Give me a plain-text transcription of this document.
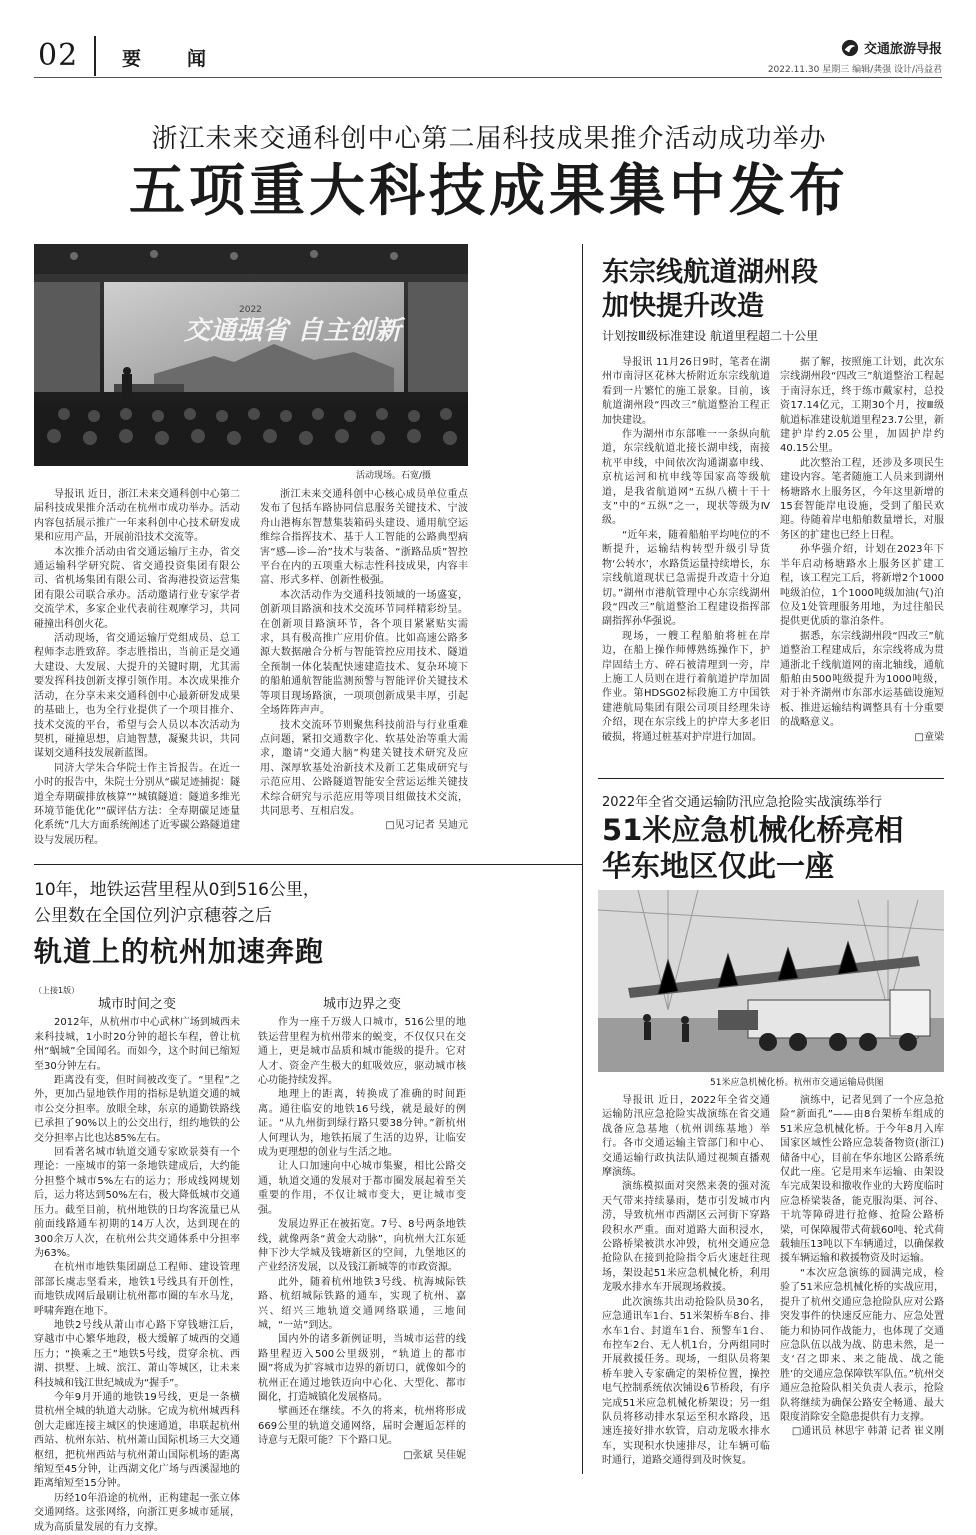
02 要闻	交通旅游导报
2022.11.30 星期三 编辑/龚强 设计/冯益君
浙江未来交通科创中心第二届科技成果推介活动成功举办
五项重大科技成果集中发布
2022
交通强省 自主创新
活动现场。石宽/摄

导报讯 近日，浙江未来交通科创中心第二届科技成果推介活动在杭州市成功举办。活动内容包括展示推广一年来科创中心技术研发成果和应用产品，开展前沿技术交流等。

本次推介活动由省交通运输厅主办，省交通运输科学研究院、省交通投资集团有限公司、省机场集团有限公司、省海港投资运营集团有限公司联合承办。活动邀请行业专家学者交流学术，多家企业代表前往观摩学习，共同碰撞出科创火花。

活动现场，省交通运输厅党组成员、总工程师李志胜致辞。李志胜指出，当前正是交通大建设、大发展、大提升的关键时期，尤其需要发挥科技创新支撑引领作用。本次成果推介活动，在分享未来交通科创中心最新研发成果的基础上，也为全行业提供了一个项目推介、技术交流的平台，希望与会人员以本次活动为契机，碰撞思想，启迪智慧，凝聚共识，共同谋划交通科技发展新蓝图。

同济大学朱合华院士作主旨报告。在近一小时的报告中，朱院士分别从“碳足迹捕捉：隧道全寿期碳排放核算”“城镇隧道：隧道多维光环境节能优化”“碳评估方法：全寿期碳足迹量化系统”几大方面系统阐述了近零碳公路隧道建设与发展历程。

浙江未来交通科创中心核心成员单位重点发布了包括车路协同信息服务关键技术、宁波舟山港梅东智慧集装箱码头建设、通用航空运维综合指挥技术、基于人工智能的公路典型病害“感—诊—治”技术与装备、“浙路品质”智控平台在内的五项重大标志性科技成果，内容丰富、形式多样、创新性极强。

本次活动作为交通科技领域的一场盛宴，创新项目路演和技术交流环节同样精彩纷呈。在创新项目路演环节，各个项目紧紧贴实需求，具有极高推广应用价值。比如高速公路多源大数据融合分析与智能管控应用技术、隧道全预制一体化装配快速建造技术、复杂环境下的船舶通航智能监测预警与智能评价关键技术等项目现场路演，一项项创新成果丰厚，引起全场阵阵声声。

技术交流环节则聚焦科技前沿与行业重难点问题，紧扣交通数字化、软基处治等重大需求，邀请“交通大脑”构建关键技术研究及应用、深厚软基处治新技术及新工艺集成研究与示范应用、公路隧道智能安全营运运维关键技术综合研究与示范应用等项目组做技术交流，共同思考、互相启发。

□见习记者 吴迪元

东宗线航道湖州段
加快提升改造
计划按Ⅲ级标准建设 航道里程超二十公里

导报讯 11月26日9时，笔者在湖州市南浔区花林大桥附近东宗线航道看到一片繁忙的施工景象。目前，该航道湖州段“四改三”航道整治工程正加快建设。

作为湖州市东部唯一一条纵向航道，东宗线航道北接长湖申线，南接杭平申线，中间依次沟通湖嘉申线、京杭运河和杭申线等国家高等级航道，是我省航道网“五纵八横十干十支”中的“五纵”之一，现状等级为Ⅳ级。

“近年来，随着船舶平均吨位的不断提升，运输结构转型升级引导货物‘公转水’，水路货运量持续增长，东宗线航道现状已急需提升改造十分迫切。”湖州市港航管理中心东宗线湖州段“四改三”航道整治工程建设指挥部副指挥孙华强说。

现场，一艘工程船舶将桩在岸边，在船上操作师傅熟练操作下，护岸固结土方、碎石被清理到一旁，岸上施工人员则在进行着航道护岸加固作业。第HDSG02标段施工方中国铁建港航局集团有限公司项目经理朱诗介绍，现在东宗线上的护岸大多老旧破损，将通过桩基对护岸进行加固。

据了解，按照施工计划，此次东宗线湖州段“四改三”航道整治工程起于南浔东迁，终于练市戴家村，总投资17.14亿元，工期30个月，按Ⅲ级航道标准建设航道里程23.7公里，新建护岸约2.05公里，加固护岸约40.15公里。

此次整治工程，还涉及多项民生建设内容。笔者随施工人员来到湖州杨塘路水上服务区，今年这里新增的15套智能岸电设施，受到了船民欢迎。待随着岸电船舶数量增长，对服务区的扩建也已经上日程。

孙华强介绍，计划在2023年下半年启动杨塘路水上服务区扩建工程，该工程完工后，将新增2个1000吨级泊位，1个1000吨级加油(气)泊位及1处管理服务用地，为过往船民提供更优质的靠泊条件。

据悉，东宗线湖州段“四改三”航道整治工程建成后，东宗线将成为贯通浙北千线航道网的南北轴线，通航船舶由500吨级提升为1000吨级，对于补齐湖州市东部水运基础设施短板、推进运输结构调整具有十分重要的战略意义。

□童梁

2022年全省交通运输防汛应急抢险实战演练举行
51米应急机械化桥亮相
华东地区仅此一座
51米应急机械化桥。杭州市交通运输局供图

导报讯 近日，2022年全省交通运输防汛应急抢险实战演练在省交通战备应急基地（杭州训练基地）举行。各市交通运输主管部门和中心、交通运输行政执法队通过视频直播观摩演练。

演练模拟面对突然来袭的强对流天气带来持续暴雨，楚市引发城市内涝，导致杭州市西湖区云河街下穿路段积水严重。面对道路大面积浸水，公路桥梁被洪水冲毁，杭州交通应急抢险队在接到抢险指令后火速赶往现场，架设起51米应急机械化桥，利用龙吸水排水车开展现场救援。

此次演练共出动抢险队员30名，应急通讯车1台、51米架桥车8台、排水车1台、封道车1台、预警车1台、布控车2台、无人机1台，分两组同时开展救援任务。现场，一组队员将架桥车驶入专家确定的架桥位置，操控电气控制系统依次铺设6节桥段，有序完成51米应急机械化桥架设；另一组队员将移动排水泵运至积水路段，迅速连接好排水软管，启动龙吸水排水车，实现积水快速排尽，让车辆可临时通行，道路交通得到及时恢复。

演练中，记者见到了一个应急抢险“新面孔”——由8台架桥车组成的51米应急机械化桥。于今年8月入库国家区域性公路应急装备物资(浙江)储备中心，目前在华东地区公路系统仅此一座。它是用来车运输、由架设车完成架设和撤收作业的大跨度临时应急桥梁装备，能克服沟渠、河谷、干坑等障碍进行抢修、抢险公路桥梁，可保障履带式荷载60吨、轮式荷载轴压13吨以下车辆通过，以确保救援车辆运输和救援物资及时运输。

“本次应急演练的圆满完成，检验了51米应急机械化桥的实战应用，提升了杭州交通应急抢险队应对公路突发事件的快速反应能力、应急处置能力和协同作战能力，也体现了交通应急队伍以战为战、防患未然，是一支‘召之即来、来之能战、战之能胜’的交通应急保障铁军队伍。”杭州交通应急抢险队相关负责人表示，抢险队将继续为确保公路安全畅通、最大限度消除安全隐患提供有力支撑。

□通讯员 林思宇 韩萧 记者 崔义刚

10年，地铁运营里程从0到516公里，
公里数在全国位列沪京穗蓉之后
轨道上的杭州加速奔跑
（上接1版）

城市时间之变

2012年，从杭州市中心武林广场到城西未来科技城，1小时20分钟的超长车程，曾让杭州“蜗城”全国闻名。而如今，这个时间已缩短至30分钟左右。

距离没有变，但时间被改变了。“里程”之外，更加凸显地铁作用的指标是轨道交通的城市公交分担率。放眼全球，东京的通勤铁路线已承担了90%以上的公交出行，纽约地铁的公交分担率占比也达85%左右。

回看著名城市轨道交通专家欧景葵有一个理论：一座城市的第一条地铁建成后，大约能分担整个城市5%左右的运力；形成线网规划后，运力将达到50%左右，极大降低城市交通压力。截至目前，杭州地铁的日均客流量已从前面线路通车初期的14万人次，达到现在的300余万人次，在杭州公共交通体系中分担率为63%。

在杭州市地铁集团副总工程师、建设管理部部长虞志坚看来，地铁1号线具有开创性，而地铁成网后最刷让杭州都市圈的车水马龙，呼啸奔跑在地下。

地铁2号线从萧山市心路下穿钱塘江后，穿越市中心繁华地段，极大缓解了城西的交通压力；“换乘之王”地铁5号线，贯穿余杭、西湖、拱墅、上城、滨江、萧山等城区，让未来科技城和钱江世纪城成为“握手”。

今年9月开通的地铁19号线，更是一条横贯杭州全城的轨道大动脉。它成为杭州城西科创大走廊连接主城区的快速通道，串联起杭州西站、杭州东站、杭州萧山国际机场三大交通枢纽，把杭州西站与杭州萧山国际机场的距离缩短至45分钟，让西湖文化广场与西溪湿地的距离缩短至15分钟。

历经10年沿途的杭州，正构建起一张立体交通网络。这张网络，向浙江更多城市延展，成为高质量发展的有力支撑。

城市边界之变

作为一座千万级人口城市，516公里的地铁运营里程为杭州带来的蜕变，不仅仅只在交通上，更是城市品质和城市能级的提升。它对人才、资金产生极大的虹吸效应，驱动城市核心功能持续发挥。

地理上的距离，转换成了准确的时间距离。通往临安的地铁16号线，就是最好的例证。“从九州街到绿行路只要38分钟。”新杭州人何理认为，地铁拓展了生活的边界，让临安成为更理想的创业与生活之地。

让人口加速向中心城市集聚，相比公路交通，轨道交通的发展对于都市圈发展起着至关重要的作用，不仅让城市变大，更让城市变强。

发展边界正在被拓宽。7号、8号两条地铁线，就像两条“黄金大动脉”，向杭州大江东延伸下沙大学城及钱塘新区的空间，九堡地区的产业经济发展，以及钱江新城等的市政资源。

此外，随着杭州地铁3号线、杭海城际铁路、杭绍城际铁路的通车，实现了杭州、嘉兴、绍兴三地轨道交通网络联通，三地间城，“一站”到达。

国内外的诸多新例证明，当城市运营的线路里程迈入500公里级别，“轨道上的都市圈”将成为扩容城市边界的新切口，就像如今的杭州正在通过地铁迈向中心化、大型化、都市圈化，打造城镇化发展格局。

擘画还在继续。不久的将来，杭州将形成669公里的轨道交通网络，届时会邂逅怎样的诗意与无限可能？下个路口见。

□张斌 吴佳妮
